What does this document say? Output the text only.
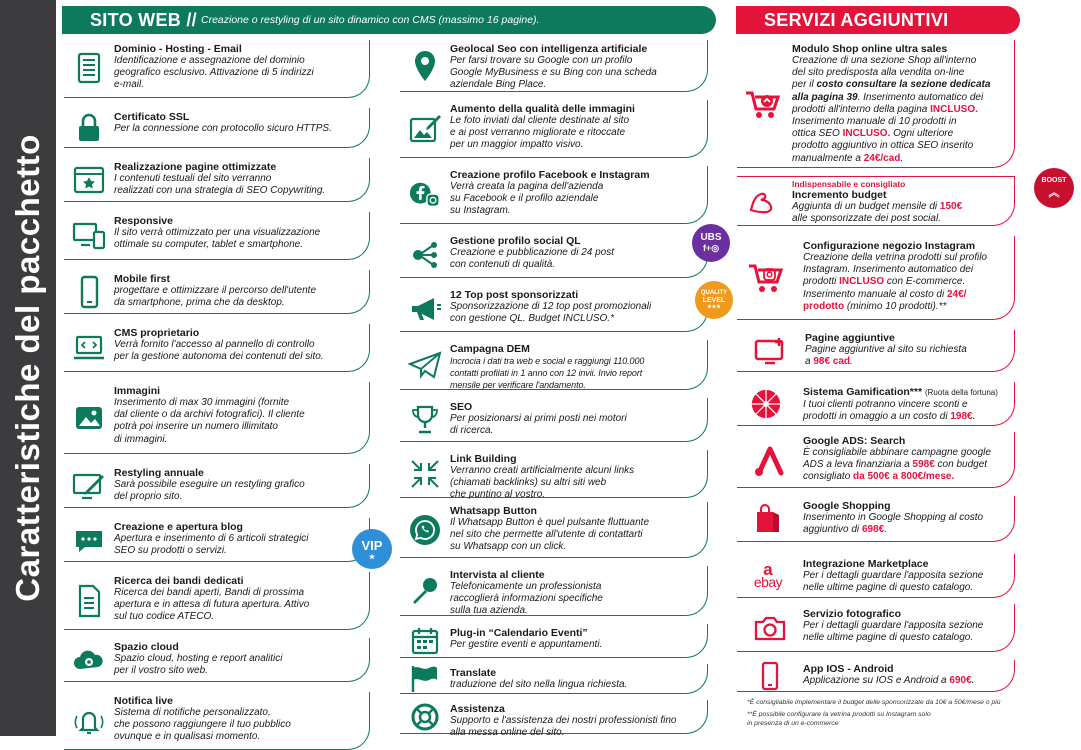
Caratteristiche del pacchetto
SITO WEB // Creazione o restyling di un sito dinamico con CMS (massimo 16 pagine).	SERVIZI AGGIUNTIVI
Dominio - Hosting - Email
Identificazione e assegnazione del dominio
geografico esclusivo. Attivazione di 5 indirizzi
e-mail.
Certificato SSL
Per la connessione con protocollo sicuro HTTPS.
Realizzazione pagine ottimizzate
I contenuti testuali del sito verranno
realizzati con una strategia di SEO Copywriting.
Responsive
Il sito verrà ottimizzato per una visualizzazione
ottimale su computer, tablet e smartphone.
Mobile first
progettare e ottimizzare il percorso dell'utente
da smartphone, prima che da desktop.
CMS proprietario
Verrà fornito l'accesso al pannello di controllo
per la gestione autonoma dei contenuti del sito.
Immagini
Inserimento di max 30 immagini (fornite
dal cliente o da archivi fotografici). Il cliente
potrà poi inserire un numero illimitato
di immagini.
Restyling annuale
Sarà possibile eseguire un restyling grafico
del proprio sito.
Creazione e apertura blog
Apertura e inserimento di 6 articoli strategici
SEO su prodotti o servizi.
Ricerca dei bandi dedicati
Ricerca dei bandi aperti, Bandi di prossima
apertura e in attesa di futura apertura. Attivo
sul tuo codice ATECO.
Spazio cloud
Spazio cloud, hosting e report analitici
per il vostro sito web.
Notifica live
Sistema di notifiche personalizzato,
che possono raggiungere il tuo pubblico
ovunque e in qualisasi momento.
Geolocal Seo con intelligenza artificiale
Per farsi trovare su Google con un profilo
Google MyBusiness e su Bing con una scheda
aziendale Bing Place.
Aumento della qualità delle immagini
Le foto inviati dal cliente destinate al sito
e ai post verranno migliorate e ritoccate
per un maggior impatto visivo.
Creazione profilo Facebook e Instagram
Verrà creata la pagina dell'azienda
su Facebook e il profilo aziendale
su Instagram.
Gestione profilo social QL
Creazione e pubblicazione di 24 post
con contenuti di qualità.
12 Top post sponsorizzati
Sponsorizzazione di 12 top post promozionali
con gestione QL. Budget INCLUSO.*
Campagna DEM
Incrocia i dati tra web e social e raggiungi 110.000
contatti profilati in 1 anno con 12 invii. Invio report
mensile per verificare l'andamento.
SEO
Per posizionarsi ai primi posti nei motori
di ricerca.
Link Building
Verranno creati artificialmente alcuni links
(chiamati backlinks) su altri siti web
che puntino al vostro.
Whatsapp Button
Il Whatsapp Button è quel pulsante fluttuante
nel sito che permette all'utente di contattarti
su Whatsapp con un click.
Intervista al cliente
Telefonicamente un professionista
raccoglierà informazioni specifiche
sulla tua azienda.
Plug-in “Calendario Eventi”
Per gestire eventi e appuntamenti.
Translate
traduzione del sito nella lingua richiesta.
Assistenza
Supporto e l'assistenza dei nostri professionisti fino
alla messa online del sito.
Modulo Shop online ultra sales
Creazione di una sezione Shop all'interno
del sito predisposta alla vendita on-line
per il costo consultare la sezione dedicata
alla pagina 39. Inserimento automatico dei
prodotti all'interno della pagina INCLUSO.
Inserimento manuale di 10 prodotti in
ottica SEO INCLUSO. Ogni ulteriore
prodotto aggiuntivo in ottica SEO inserito
manualmente a 24€/cad.
Indispensabile e consigliato
Incremento budget
Aggiunta di un budget mensile di 150€
alle sponsorizzate dei post social.
Configurazione negozio Instagram
Creazione della vetrina prodotti sul profilo
Instagram. Inserimento automatico dei
prodotti INCLUSO con E-commerce.
Inserimento manuale al costo di 24€/
prodotto (minimo 10 prodotti).**
Pagine aggiuntive
Pagine aggiuntive al sito su richiesta
a 98€ cad.
Sistema Gamification*** (Ruota della fortuna)
I tuoi clienti potranno vincere sconti e
prodotti in omaggio a un costo di 198€.
Google ADS: Search
È consigliabile abbinare campagne google
ADS a leva finanziaria a 598€ con budget
consigliato da 500€ a 800€/mese.
Google Shopping
Inserimento in Google Shopping al costo
aggiuntivo di 698€.
a
ebay
Integrazione Marketplace
Per i dettagli guardare l'apposita sezione
nelle ultime pagine di questo catalogo.
Servizio fotografico
Per i dettagli guardare l'apposita sezione
nelle ultime pagine di questo catalogo.
App IOS - Android
Applicazione su IOS e Android a 690€.
VIP
★
UBS
f+◎
QUALITY
LEVEL
★★★
BOOST
︽
*È consigliabile implementare il budget delle sponsorizzate da 10€ a 50€/mese o più
**È possibile configurare la vetrina prodotti su Instagram solo
in presenza di un e-commerce
